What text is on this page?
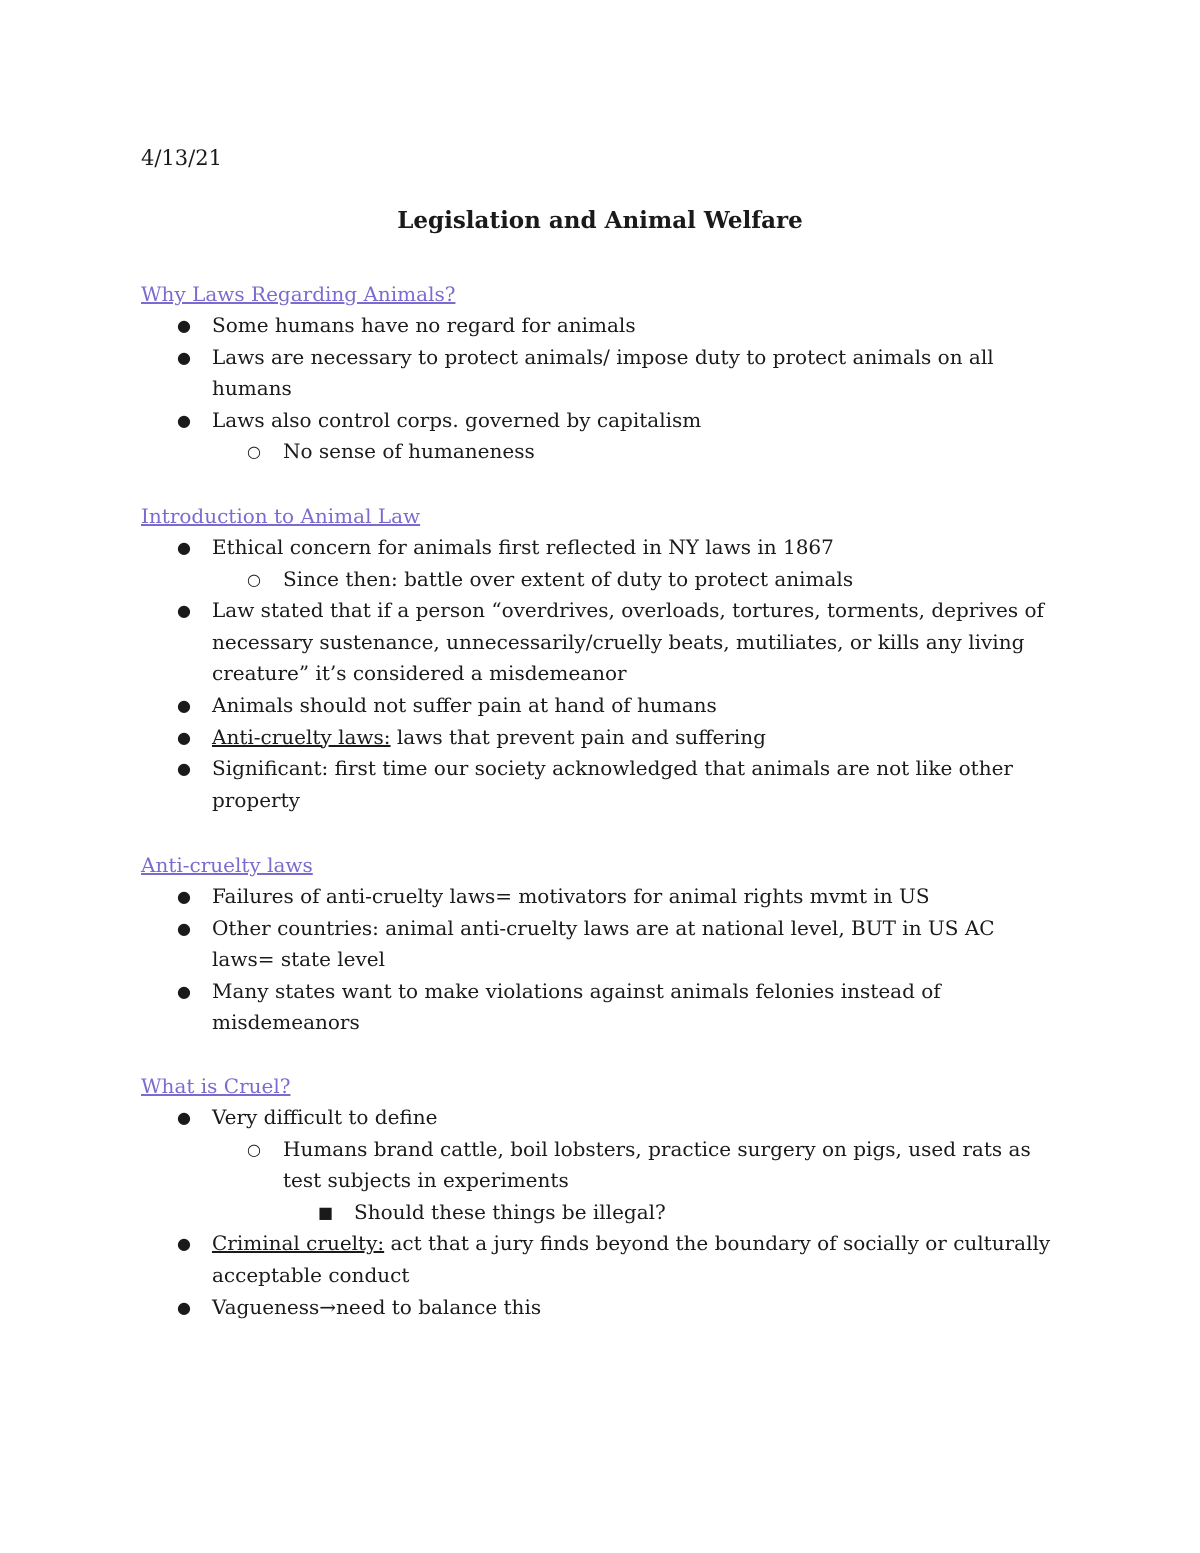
4/13/21
Legislation and Animal Welfare
Why Laws Regarding Animals?
● Some humans have no regard for animals
● Laws are necessary to protect animals/ impose duty to protect animals on all humans
● Laws also control corps. governed by capitalism
○ No sense of humaneness
Introduction to Animal Law
● Ethical concern for animals first reflected in NY laws in 1867
○ Since then: battle over extent of duty to protect animals
● Law stated that if a person “overdrives, overloads, tortures, torments, deprives of necessary sustenance, unnecessarily/cruelly beats, mutiliates, or kills any living creature” it’s considered a misdemeanor
● Animals should not suffer pain at hand of humans
● Anti-cruelty laws: laws that prevent pain and suffering
● Significant: first time our society acknowledged that animals are not like other property
Anti-cruelty laws
● Failures of anti-cruelty laws= motivators for animal rights mvmt in US
● Other countries: animal anti-cruelty laws are at national level, BUT in US AC laws= state level
● Many states want to make violations against animals felonies instead of misdemeanors
What is Cruel?
● Very difficult to define
○ Humans brand cattle, boil lobsters, practice surgery on pigs, used rats as test subjects in experiments
■ Should these things be illegal?
● Criminal cruelty: act that a jury finds beyond the boundary of socially or culturally acceptable conduct
● Vagueness→need to balance this
